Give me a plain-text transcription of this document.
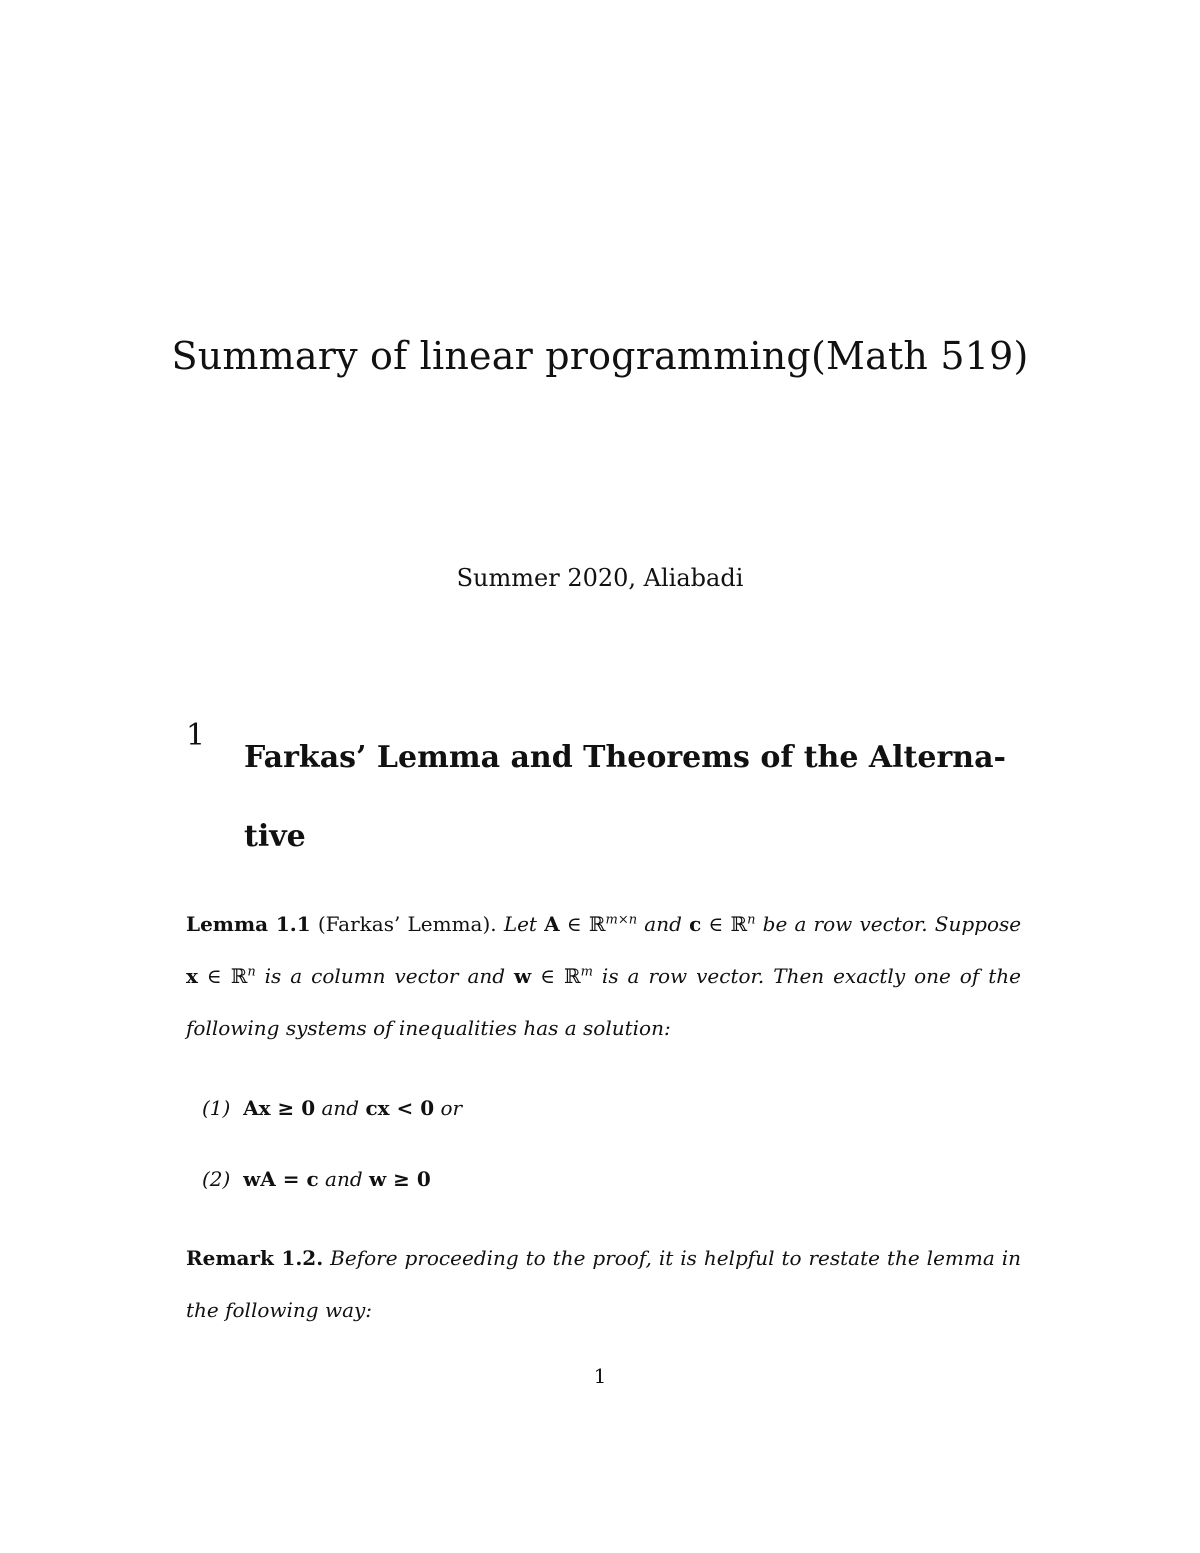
Summary of linear programming(Math 519)
Summer 2020, Aliabadi
1
Farkas’ Lemma and Theorems of the Alterna- tive
Lemma 1.1 (Farkas’ Lemma). Let A ∈ ℝ$^{m\times n}$ and c ∈ ℝ$^n$ be a row vector. Suppose x ∈ ℝ$^n$ is a column vector and w ∈ ℝ$^m$ is a row vector. Then exactly one of the following systems of inequalities has a solution:
(1) Ax ≥ 0 and cx < 0 or
(2) wA = c and w ≥ 0
Remark 1.2. Before proceeding to the proof, it is helpful to restate the lemma in the following way:
1
